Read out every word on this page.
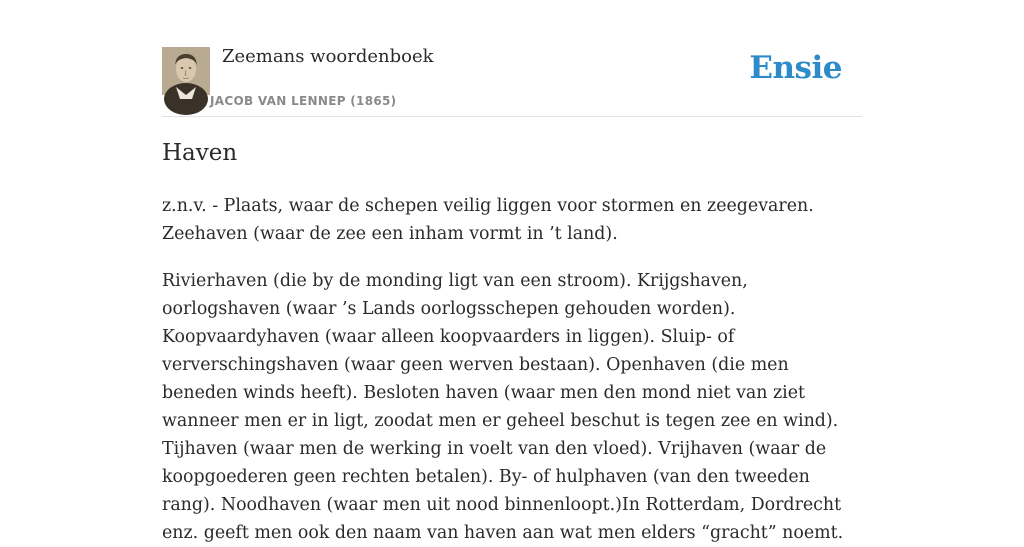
Zeemans woordenboek
JACOB VAN LENNEP (1865)
Ensie
Haven

z.n.v. - Plaats, waar de schepen veilig liggen voor stormen en zeegevaren. Zeehaven (waar de zee een inham vormt in ’t land).

Rivierhaven (die by de monding ligt van een stroom). Krijgshaven, oorlogshaven (waar ’s Lands oorlogsschepen gehouden worden). Koopvaardyhaven (waar alleen koopvaarders in liggen). Sluip- of ververschingshaven (waar geen werven bestaan). Openhaven (die men beneden winds heeft). Besloten haven (waar men den mond niet van ziet wanneer men er in ligt, zoodat men er geheel beschut is tegen zee en wind). Tijhaven (waar men de werking in voelt van den vloed). Vrijhaven (waar de koopgoederen geen rechten betalen). By- of hulphaven (van den tweeden rang). Noodhaven (waar men uit nood binnenloopt.)In Rotterdam, Dordrecht enz. geeft men ook den naam van haven aan wat men elders “gracht” noemt.
